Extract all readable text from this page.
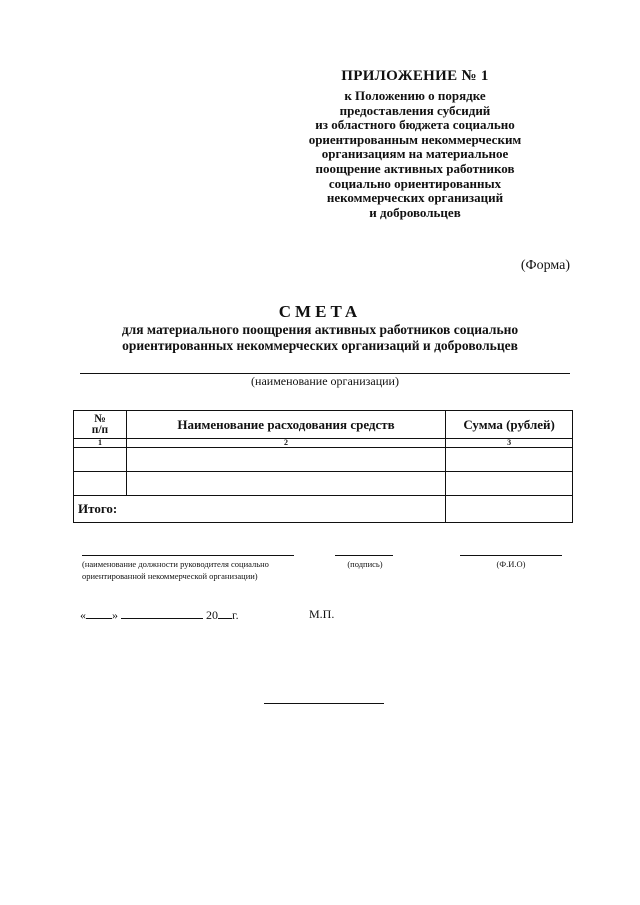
ПРИЛОЖЕНИЕ № 1
к Положению о порядке
предоставления субсидий
из областного бюджета социально
ориентированным некоммерческим
организациям на материальное
поощрение активных работников
социально ориентированных
некоммерческих организаций
и добровольцев
(Форма)
СМЕТА
для материального поощрения активных работников социально
ориентированных некоммерческих организаций и добровольцев
(наименование организации)
№
п/п	Наименование расходования средств	Сумма (рублей)
1	2	3

Итого:		
(наименование должности руководителя социально
ориентированной некоммерческой организации)
(подпись)	(Ф.И.О)
« »	20 г.	М.П.
